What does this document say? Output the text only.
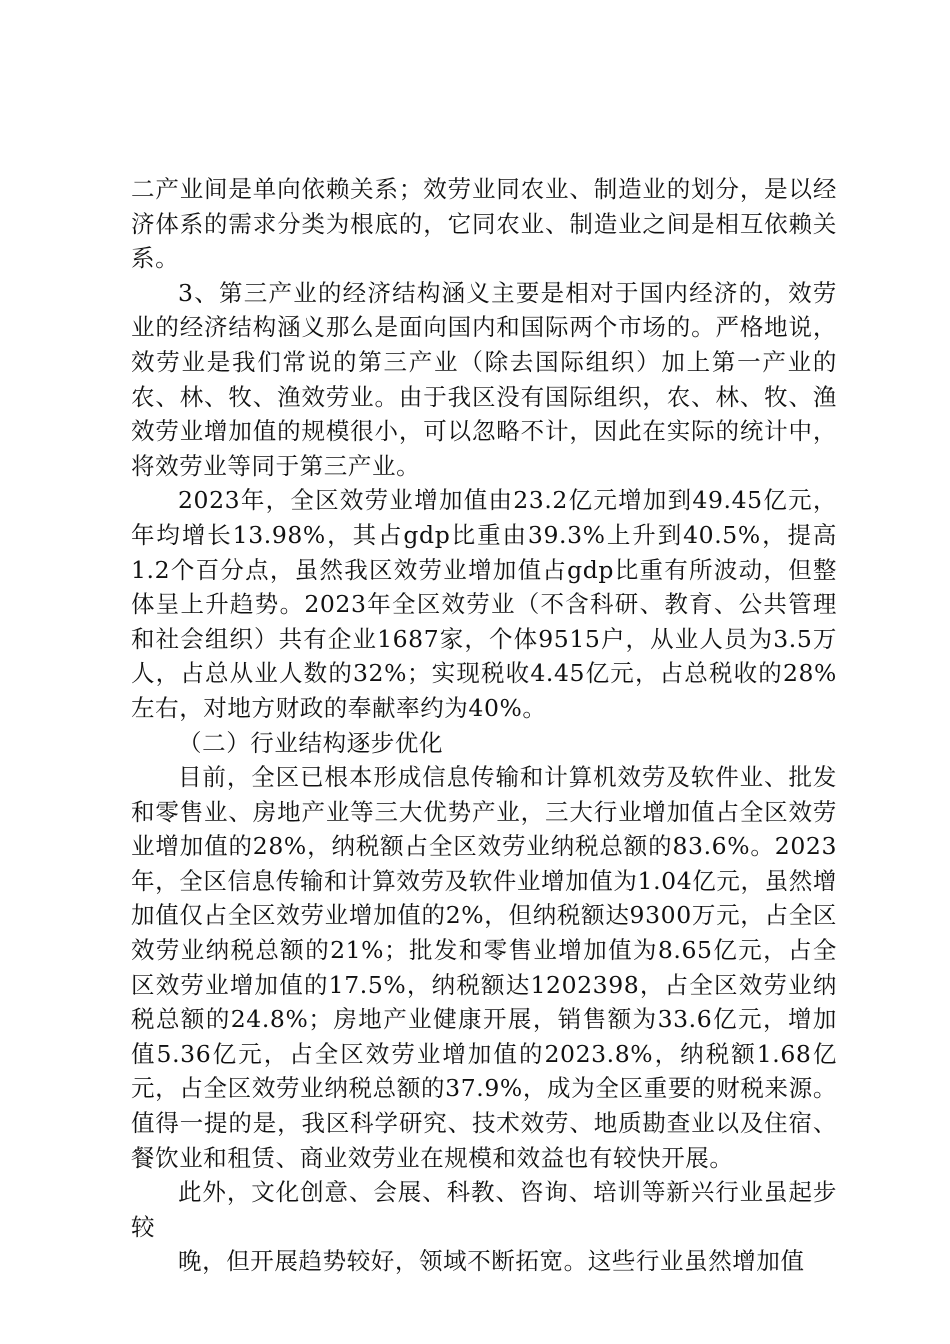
二产业间是单向依赖关系；效劳业同农业、制造业的划分，是以经济体系的需求分类为根底的，它同农业、制造业之间是相互依赖关系。

3、第三产业的经济结构涵义主要是相对于国内经济的，效劳业的经济结构涵义那么是面向国内和国际两个市场的。严格地说，效劳业是我们常说的第三产业（除去国际组织）加上第一产业的农、林、牧、渔效劳业。由于我区没有国际组织，农、林、牧、渔效劳业增加值的规模很小，可以忽略不计，因此在实际的统计中，将效劳业等同于第三产业。

2023年，全区效劳业增加值由23.2亿元增加到49.45亿元，年均增长13.98%，其占gdp比重由39.3%上升到40.5%，提高1.2个百分点，虽然我区效劳业增加值占gdp比重有所波动，但整体呈上升趋势。2023年全区效劳业（不含科研、教育、公共管理和社会组织）共有企业1687家，个体9515户，从业人员为3.5万人，占总从业人数的32%；实现税收4.45亿元，占总税收的28%左右，对地方财政的奉献率约为40%。

（二）行业结构逐步优化

目前，全区已根本形成信息传输和计算机效劳及软件业、批发和零售业、房地产业等三大优势产业，三大行业增加值占全区效劳业增加值的28%，纳税额占全区效劳业纳税总额的83.6%。2023年，全区信息传输和计算效劳及软件业增加值为1.04亿元，虽然增加值仅占全区效劳业增加值的2%，但纳税额达9300万元，占全区效劳业纳税总额的21%；批发和零售业增加值为8.65亿元，占全区效劳业增加值的17.5%，纳税额达1202398，占全区效劳业纳税总额的24.8%；房地产业健康开展，销售额为33.6亿元，增加值5.36亿元，占全区效劳业增加值的2023.8%，纳税额1.68亿元，占全区效劳业纳税总额的37.9%，成为全区重要的财税来源。值得一提的是，我区科学研究、技术效劳、地质勘查业以及住宿、餐饮业和租赁、商业效劳业在规模和效益也有较快开展。

此外，文化创意、会展、科教、咨询、培训等新兴行业虽起步较

晚，但开展趋势较好，领域不断拓宽。这些行业虽然增加值
